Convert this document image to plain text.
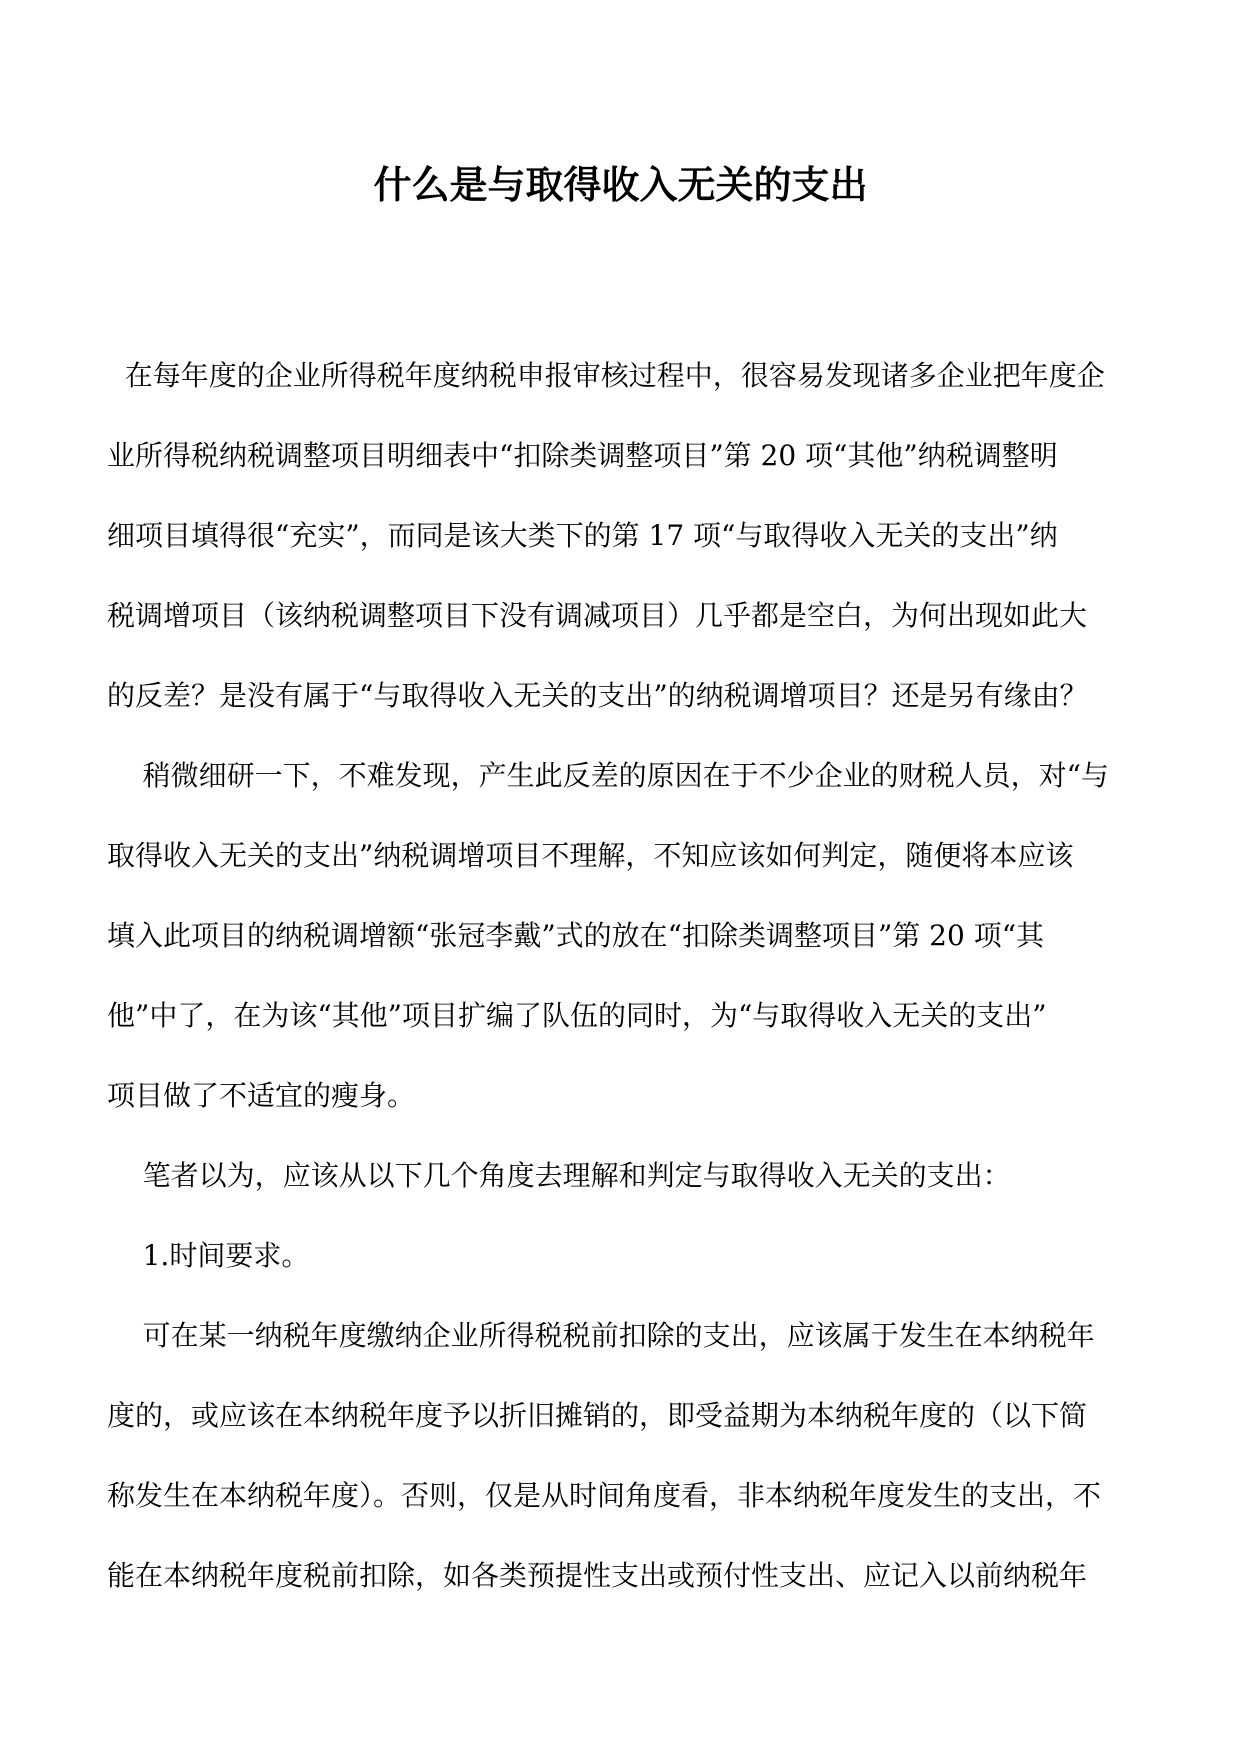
什么是与取得收入无关的支出
在每年度的企业所得税年度纳税申报审核过程中，很容易发现诸多企业把年度企
业所得税纳税调整项目明细表中“扣除类调整项目”第 20 项“其他”纳税调整明
细项目填得很“充实”，而同是该大类下的第 17 项“与取得收入无关的支出”纳
税调增项目（该纳税调整项目下没有调减项目）几乎都是空白，为何出现如此大
的反差？是没有属于“与取得收入无关的支出”的纳税调增项目？还是另有缘由？
稍微细研一下，不难发现，产生此反差的原因在于不少企业的财税人员，对“与
取得收入无关的支出”纳税调增项目不理解，不知应该如何判定，随便将本应该
填入此项目的纳税调增额“张冠李戴”式的放在“扣除类调整项目”第 20 项“其
他”中了，在为该“其他”项目扩编了队伍的同时，为“与取得收入无关的支出”
项目做了不适宜的瘦身。
笔者以为，应该从以下几个角度去理解和判定与取得收入无关的支出：
1.时间要求。
可在某一纳税年度缴纳企业所得税税前扣除的支出，应该属于发生在本纳税年
度的，或应该在本纳税年度予以折旧摊销的，即受益期为本纳税年度的（以下简
称发生在本纳税年度）。否则，仅是从时间角度看，非本纳税年度发生的支出，不
能在本纳税年度税前扣除，如各类预提性支出或预付性支出、应记入以前纳税年
